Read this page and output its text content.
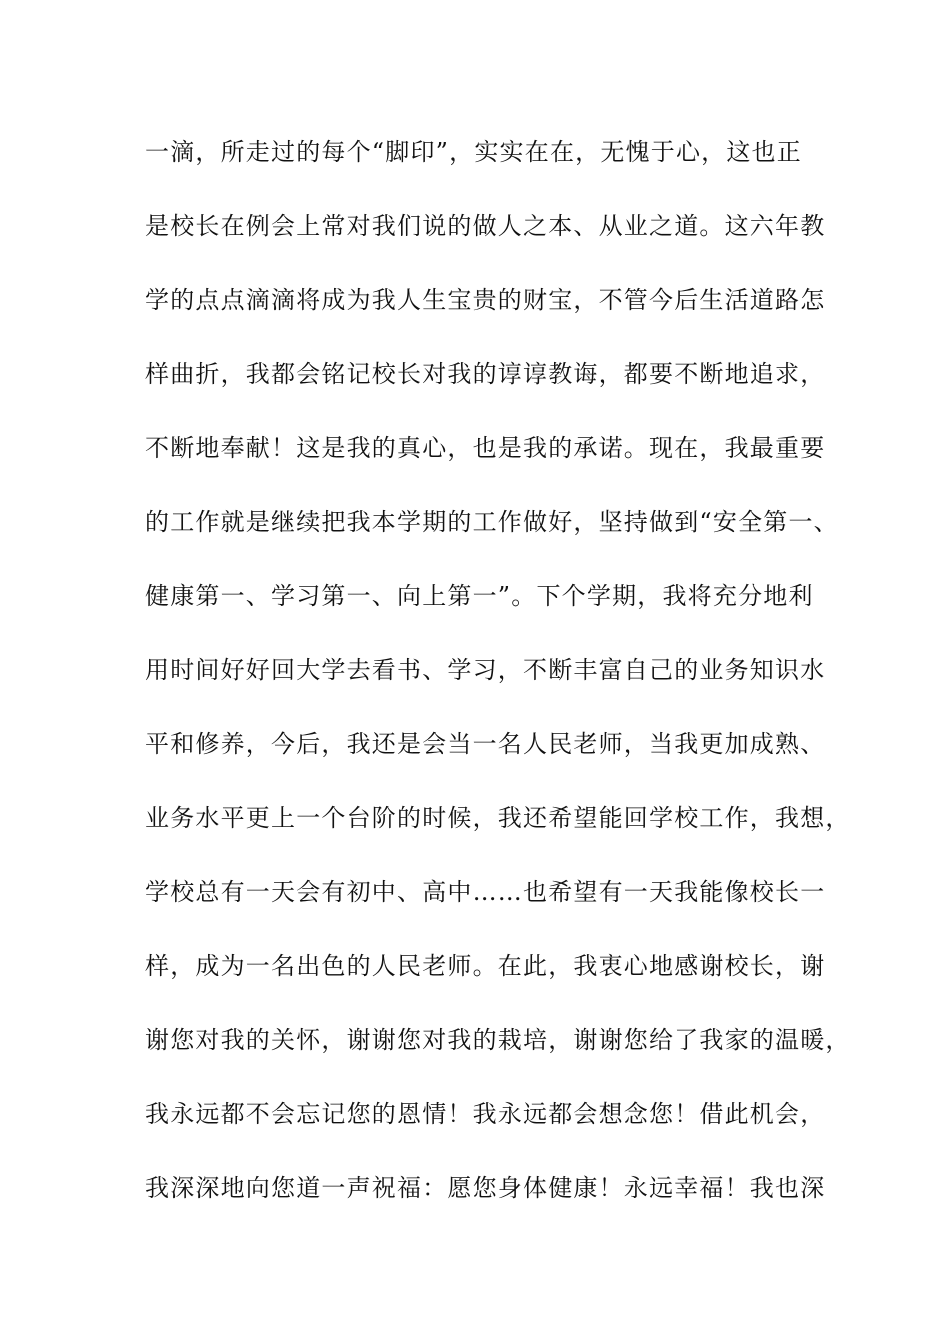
一滴，所走过的每个“脚印”，实实在在，无愧于心，这也正
是校长在例会上常对我们说的做人之本、从业之道。这六年教
学的点点滴滴将成为我人生宝贵的财宝，不管今后生活道路怎
样曲折，我都会铭记校长对我的谆谆教诲，都要不断地追求，
不断地奉献！这是我的真心，也是我的承诺。现在，我最重要
的工作就是继续把我本学期的工作做好，坚持做到“安全第一、
健康第一、学习第一、向上第一”。下个学期，我将充分地利
用时间好好回大学去看书、学习，不断丰富自己的业务知识水
平和修养，今后，我还是会当一名人民老师，当我更加成熟、
业务水平更上一个台阶的时候，我还希望能回学校工作，我想，
学校总有一天会有初中、高中……也希望有一天我能像校长一
样，成为一名出色的人民老师。在此，我衷心地感谢校长，谢
谢您对我的关怀，谢谢您对我的栽培，谢谢您给了我家的温暖，
我永远都不会忘记您的恩情！我永远都会想念您！借此机会，
我深深地向您道一声祝福：愿您身体健康！永远幸福！我也深
